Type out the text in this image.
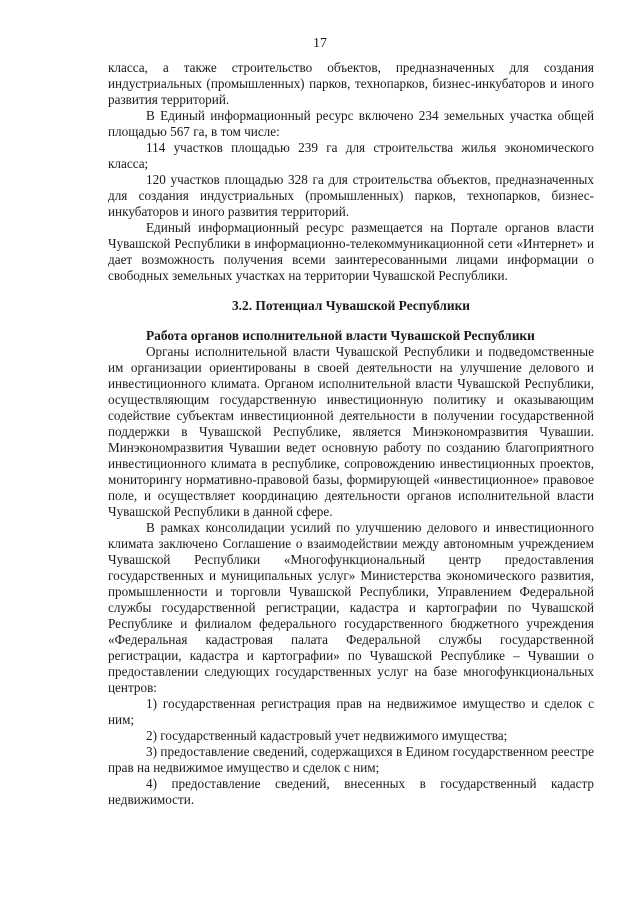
17

класса, а также строительство объектов, предназначенных для создания индустриальных (промышленных) парков, технопарков, бизнес-инкубаторов и иного развития территорий.

В Единый информационный ресурс включено 234 земельных участка общей площадью 567 га, в том числе:

114 участков площадью 239 га для строительства жилья экономического класса;

120 участков площадью 328 га для строительства объектов, предназначенных для создания индустриальных (промышленных) парков, технопарков, бизнес-инкубаторов и иного развития территорий.

Единый информационный ресурс размещается на Портале органов власти Чувашской Республики в информационно-телекоммуникационной сети «Интернет» и дает возможность получения всеми заинтересованными лицами информации о свободных земельных участках на территории Чувашской Республики.

3.2. Потенциал Чувашской Республики
Работа органов исполнительной власти Чувашской Республики

Органы исполнительной власти Чувашской Республики и подведомственные им организации ориентированы в своей деятельности на улучшение делового и инвестиционного климата. Органом исполнительной власти Чувашской Республики, осуществляющим государственную инвестиционную политику и оказывающим содействие субъектам инвестиционной деятельности в получении государственной поддержки в Чувашской Республике, является Минэкономразвития Чувашии. Минэкономразвития Чувашии ведет основную работу по созданию благоприятного инвестиционного климата в республике, сопровождению инвестиционных проектов, мониторингу нормативно-правовой базы, формирующей «инвестиционное» правовое поле, и осуществляет координацию деятельности органов исполнительной власти Чувашской Республики в данной сфере.

В рамках консолидации усилий по улучшению делового и инвестиционного климата заключено Соглашение о взаимодействии между автономным учреждением Чувашской Республики «Многофункциональный центр предоставления государственных и муниципальных услуг» Министерства экономического развития, промышленности и торговли Чувашской Республики, Управлением Федеральной службы государственной регистрации, кадастра и картографии по Чувашской Республике и филиалом федерального государственного бюджетного учреждения «Федеральная кадастровая палата Федеральной службы государственной регистрации, кадастра и картографии» по Чувашской Республике – Чувашии о предоставлении следующих государственных услуг на базе многофункциональных центров:

1) государственная регистрация прав на недвижимое имущество и сделок с ним;

2) государственный кадастровый учет недвижимого имущества;

3) предоставление сведений, содержащихся в Едином государственном реестре прав на недвижимое имущество и сделок с ним;

4) предоставление сведений, внесенных в государственный кадастр недвижимости.
